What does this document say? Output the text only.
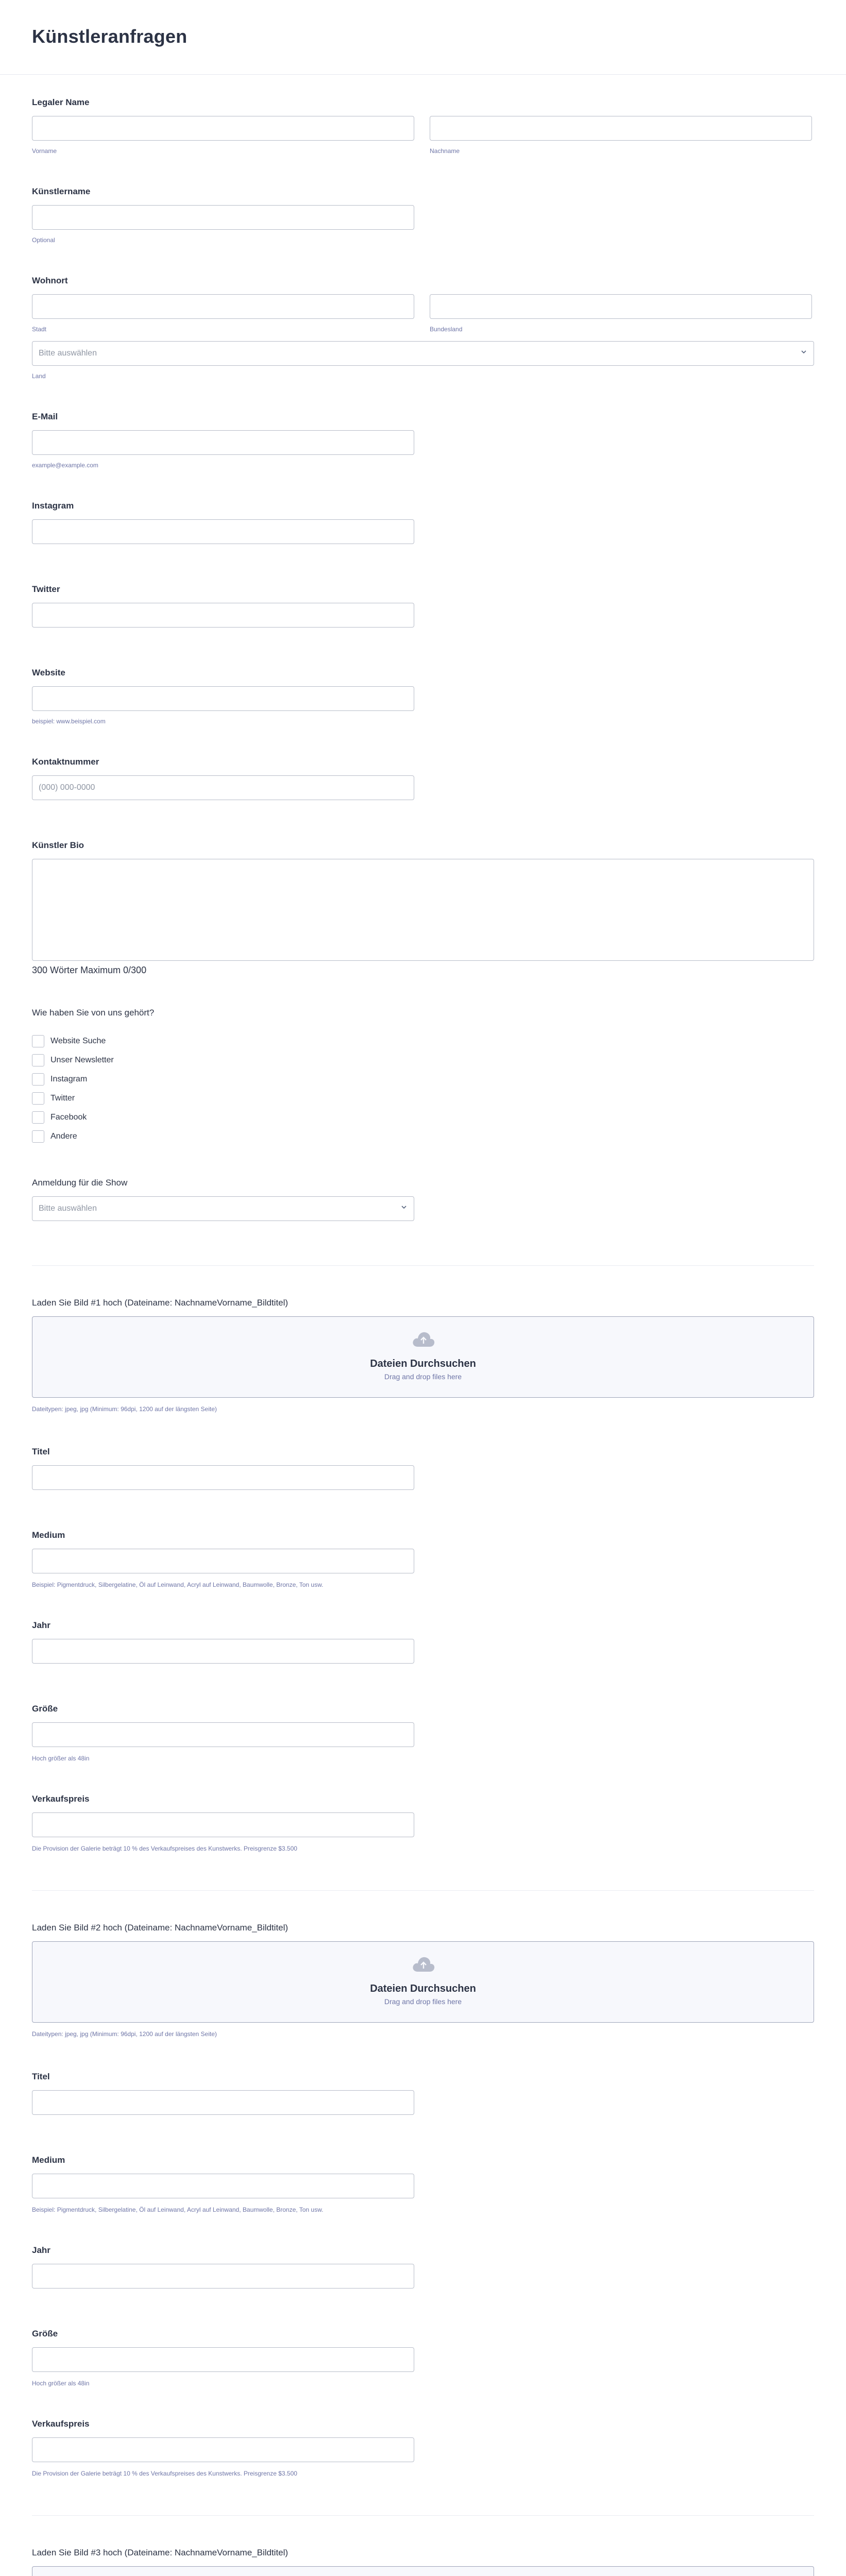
Künstleranfragen
Legaler Name
Vorname	Nachname
Künstlername
Optional
Wohnort
Stadt	Bundesland
Bitte auswählen
Land
E-Mail
example@example.com
Instagram
Twitter
Website
beispiel: www.beispiel.com
Kontaktnummer
(000) 000-0000
Künstler Bio
300 Wörter Maximum 0/300
Wie haben Sie von uns gehört?
Website Suche
Unser Newsletter
Instagram
Twitter
Facebook
Andere
Anmeldung für die Show
Bitte auswählen
Laden Sie Bild #1 hoch (Dateiname: NachnameVorname_Bildtitel)
Dateien Durchsuchen
Drag and drop files here
Dateitypen: jpeg, jpg (Minimum: 96dpi, 1200 auf der längsten Seite)
Titel
Medium
Beispiel: Pigmentdruck, Silbergelatine, Öl auf Leinwand, Acryl auf Leinwand, Baumwolle, Bronze, Ton usw.
Jahr
Größe
Hoch größer als 48in
Verkaufspreis
Die Provision der Galerie beträgt 10 % des Verkaufspreises des Kunstwerks. Preisgrenze $3.500
Laden Sie Bild #2 hoch (Dateiname: NachnameVorname_Bildtitel)
Dateien Durchsuchen
Drag and drop files here
Dateitypen: jpeg, jpg (Minimum: 96dpi, 1200 auf der längsten Seite)
Titel
Medium
Beispiel: Pigmentdruck, Silbergelatine, Öl auf Leinwand, Acryl auf Leinwand, Baumwolle, Bronze, Ton usw.
Jahr
Größe
Hoch größer als 48in
Verkaufspreis
Die Provision der Galerie beträgt 10 % des Verkaufspreises des Kunstwerks. Preisgrenze $3.500
Laden Sie Bild #3 hoch (Dateiname: NachnameVorname_Bildtitel)
